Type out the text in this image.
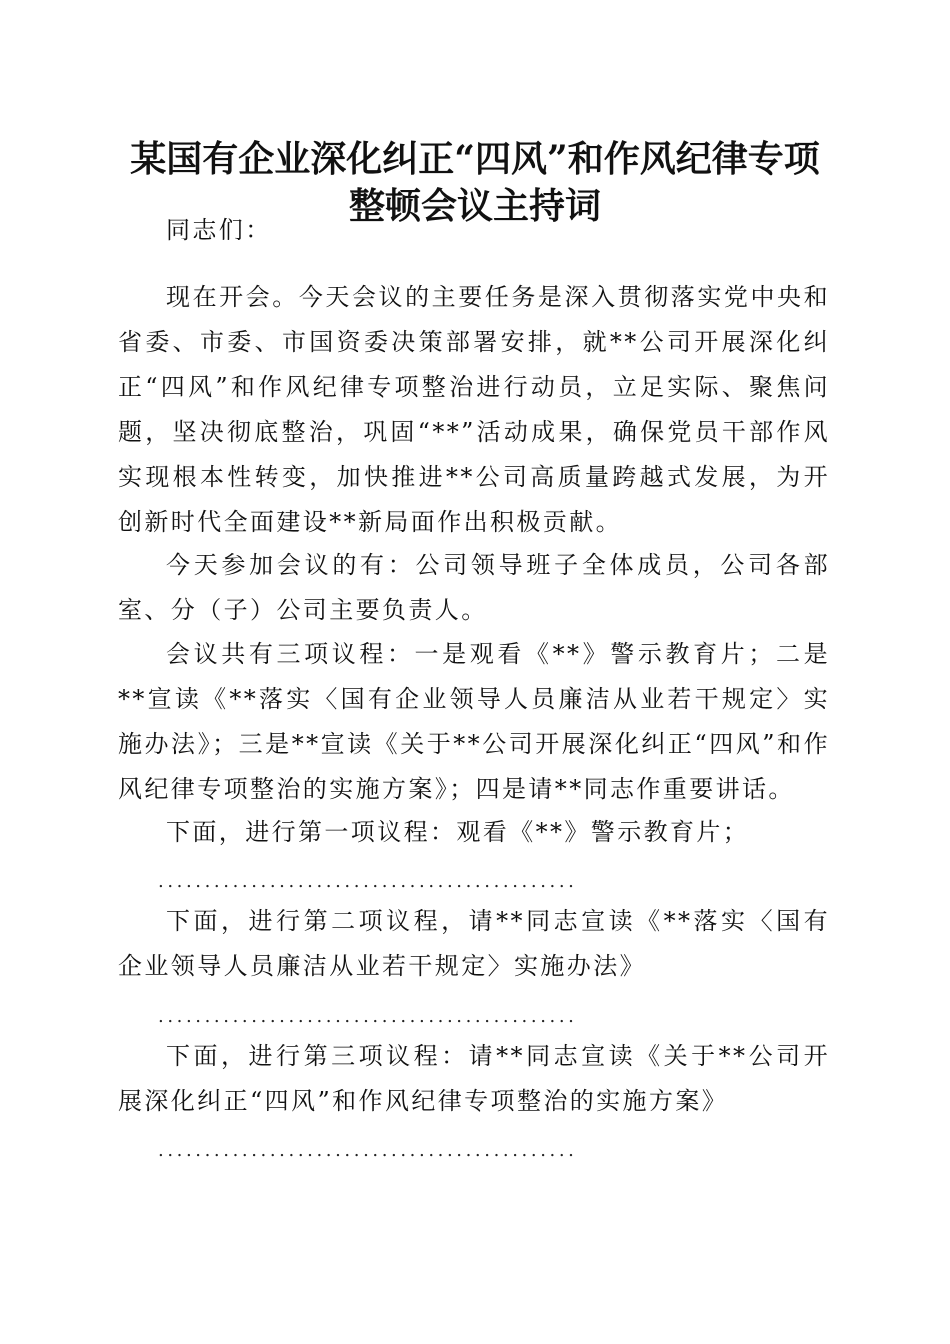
某国有企业深化纠正“四风”和作风纪律专项
整顿会议主持词
同志们：
现在开会。今天会议的主要任务是深入贯彻落实党中央和省委、市委、市国资委决策部署安排，就**公司开展深化纠正“四风”和作风纪律专项整治进行动员，立足实际、聚焦问题，坚决彻底整治，巩固“**”活动成果，确保党员干部作风实现根本性转变，加快推进**公司高质量跨越式发展，为开创新时代全面建设**新局面作出积极贡献。
今天参加会议的有：公司领导班子全体成员，公司各部室、分（子）公司主要负责人。
会议共有三项议程：一是观看《**》警示教育片；二是**宣读《**落实〈国有企业领导人员廉洁从业若干规定〉实施办法》；三是**宣读《关于**公司开展深化纠正“四风”和作风纪律专项整治的实施方案》；四是请**同志作重要讲话。
下面，进行第一项议程：观看《**》警示教育片；
.............................................
下面，进行第二项议程，请**同志宣读《**落实〈国有企业领导人员廉洁从业若干规定〉实施办法》
.............................................
下面，进行第三项议程：请**同志宣读《关于**公司开展深化纠正“四风”和作风纪律专项整治的实施方案》
.............................................
